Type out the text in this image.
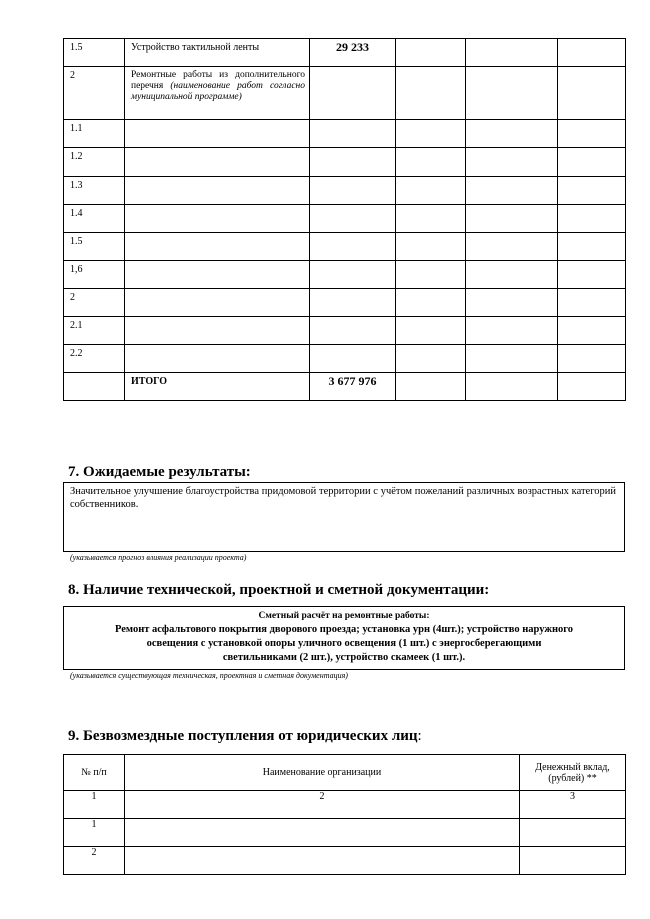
1.5	Устройство тактильной ленты	29 233			
2	Ремонтные работы из дополнительного перечня (наименование работ согласно
муниципальной программе)				

1.1					
1.2					
1.3					
1.4					
1.5					
1,6					
2					
2.1					
2.2					
	ИТОГО	3 677 976			
7. Ожидаемые результаты:
Значительное улучшение благоустройства придомовой территории с учётом пожеланий различных возрастных категорий собственников.
(указывается прогноз влияния реализации проекта)
8. Наличие технической, проектной и сметной документации:
Сметный расчёт на ремонтные работы:
Ремонт асфальтового покрытия дворового проезда; установка урн (4шт.); устройство наружного
освещения с установкой опоры уличного освещения (1 шт.) с энергосберегающими
светильниками (2 шт.), устройство скамеек (1 шт.).
(указывается существующая техническая, проектная и сметная документация)
9. Безвозмездные поступления от юридических лиц:
№ п/п	Наименование организации	Денежный вклад, (рублей) **
1	2	3
1		
2		
